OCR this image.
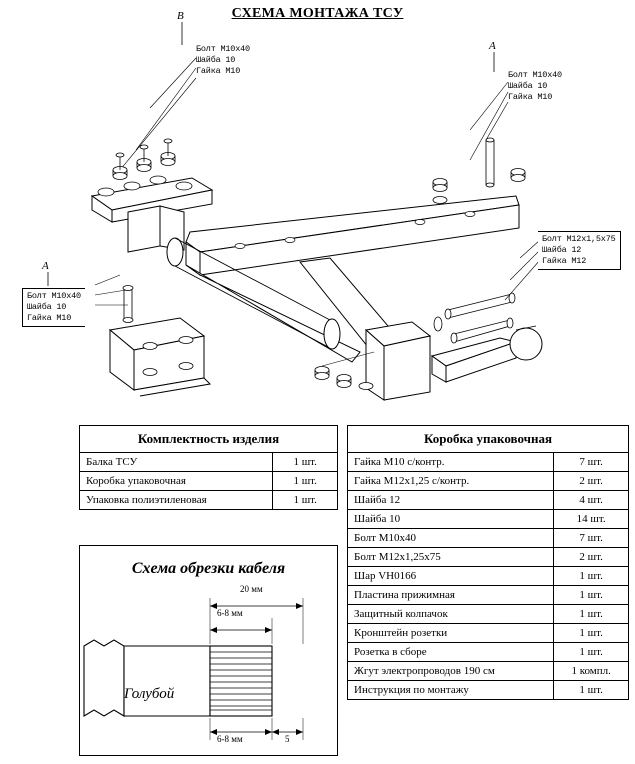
СХЕМА МОНТАЖА ТСУ
Болт М10х40
Шайба 10
Гайка М10	Болт М10х40
Шайба 10
Гайка М10
Болт М12х1,5х75
Шайба 12
Гайка М12
Болт М10х40
Шайба 10
Гайка М10
B
A
A
Комплектность изделия	
Балка ТСУ	1 шт.
Коробка упаковочная	1 шт.
Упаковка полиэтиленовая	1 шт.
Коробка упаковочная	
Гайка М10 с/контр.	7 шт.
Гайка М12х1,25 с/контр.	2 шт.
Шайба 12	4 шт.
Шайба 10	14 шт.
Болт М10х40	7 шт.
Болт М12х1,25х75	2 шт.
Шар VH0166	1 шт.
Пластина прижимная	1 шт.
Защитный колпачок	1 шт.
Кронштейн розетки	1 шт.
Розетка в сборе	1 шт.
Жгут электропроводов 190 см	1 компл.
Инструкция по монтажу	1 шт.
Схема обрезки кабеля
Голубой
20 мм
6-8 мм
6-8 мм	5
